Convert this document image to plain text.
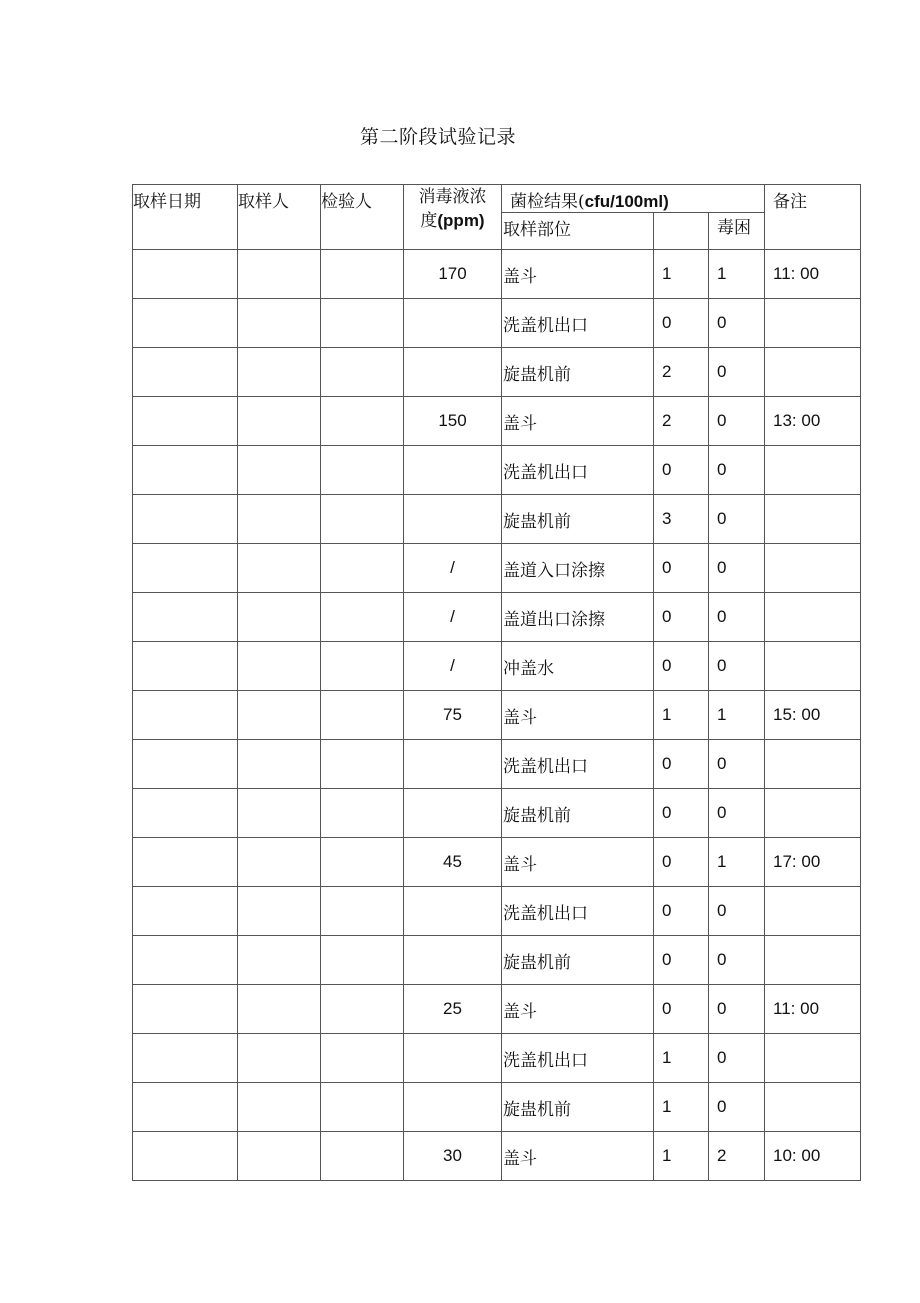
第二阶段试验记录
取样日期	取样人	检验人	消毒液浓
度(ppm)	菌检结果(cfu/100ml)			备注

				取样部位		毒困	
			170	盖斗	1	1	11: 00
				洗盖机出口	0	0	
				旋蛊机前	2	0	
			150	盖斗	2	0	13: 00
				洗盖机出口	0	0	
				旋蛊机前	3	0	
			/	盖道入口涂擦	0	0	
			/	盖道出口涂擦	0	0	
			/	冲盖水	0	0	
			75	盖斗	1	1	15: 00
				洗盖机出口	0	0	
				旋蛊机前	0	0	
			45	盖斗	0	1	17: 00
				洗盖机出口	0	0	
				旋蛊机前	0	0	
			25	盖斗	0	0	11: 00
				洗盖机出口	1	0	
				旋蛊机前	1	0	
			30	盖斗	1	2	10: 00
